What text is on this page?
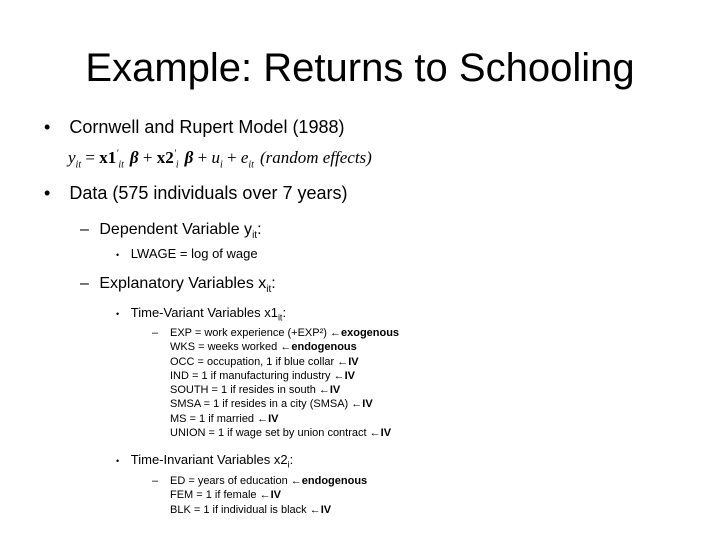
Example: Returns to Schooling
• Cornwell and Rupert Model (1988)
$y_{it} = x1'_{it}$ $\beta + x2'_i$ $\beta + u_i + e_{it}$ (random effects)
• Data (575 individuals over 7 years)
– Dependent Variable $y_{it}$:
• LWAGE = log of wage
– Explanatory Variables $x_{it}$:
• Time-Variant Variables $x1_{it}$:
– EXP = work experience (+EXP²) ←exogenous
WKS = weeks worked ←endogenous
OCC = occupation, 1 if blue collar ←IV
IND = 1 if manufacturing industry ←IV
SOUTH = 1 if resides in south ←IV
SMSA = 1 if resides in a city (SMSA) ←IV
MS = 1 if married ←IV
UNION = 1 if wage set by union contract ←IV
• Time-Invariant Variables $x2_i$:
– ED = years of education ←endogenous
FEM = 1 if female ←IV
BLK = 1 if individual is black ←IV
